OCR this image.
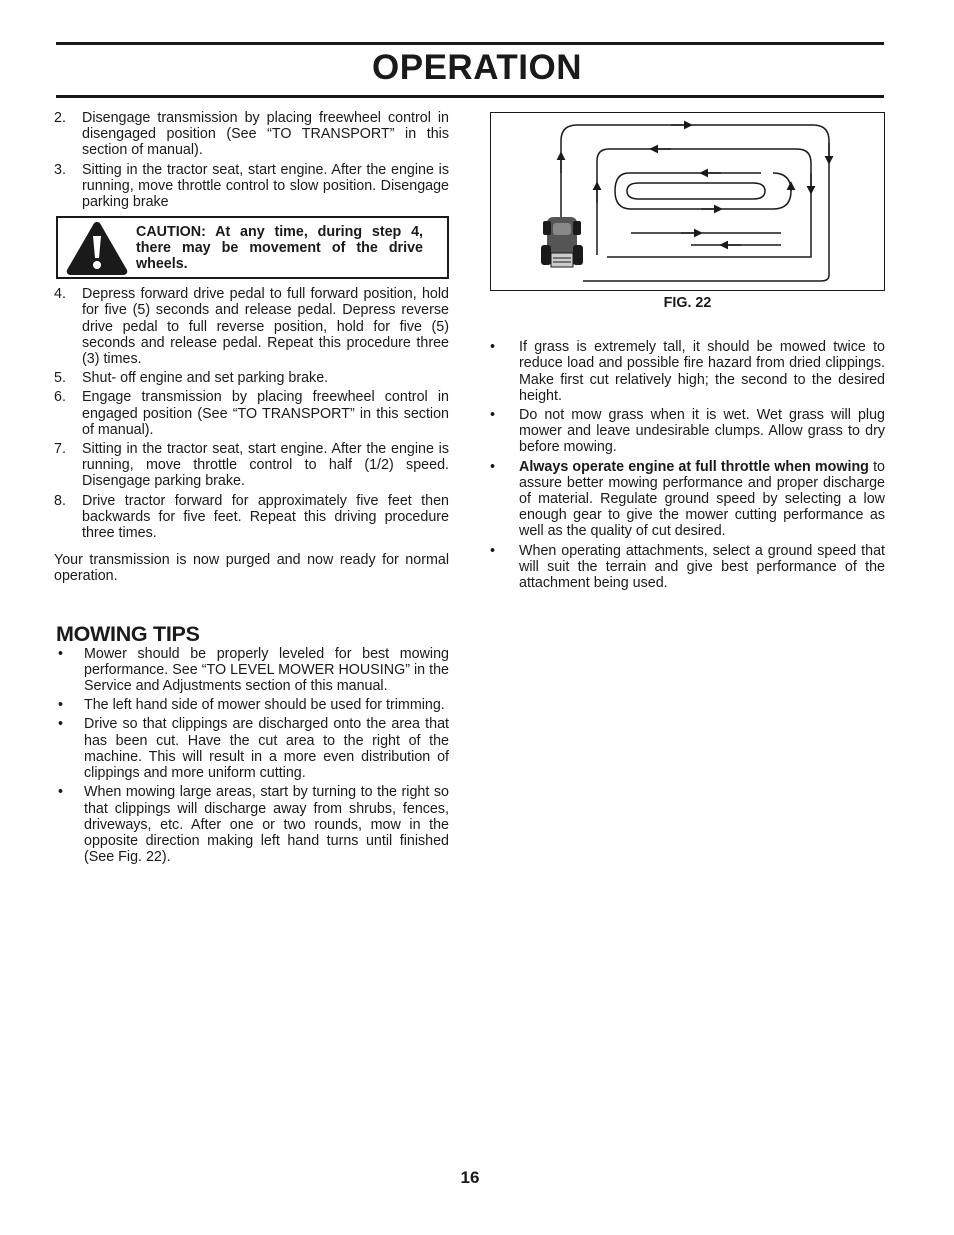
OPERATION
2.	Disengage transmission by placing freewheel control in disengaged position (See “TO TRANSPORT” in this section of manual).
3.	Sitting in the tractor seat, start engine. After the engine is running, move throttle control to slow position. Disengage parking brake
CAUTION: At any time, during step 4, there may be movement of the drive wheels.
4.	Depress forward drive pedal to full forward position, hold for five (5) seconds and release pedal. Depress reverse drive pedal to full reverse position, hold for five (5) seconds and release pedal. Repeat this procedure three (3) times.
5.	Shut- off engine and set parking brake.
6.	Engage transmission by placing freewheel control in engaged position (See “TO TRANSPORT” in this section of manual).
7.	Sitting in the tractor seat, start engine. After the engine is running, move throttle control to half (1/2) speed. Disengage parking brake.
8.	Drive tractor forward for approximately five feet then backwards for five feet. Repeat this driving procedure three times.
Your transmission is now purged and now ready for normal operation.
MOWING TIPS
•	Mower should be properly leveled for best mowing performance. See “TO LEVEL MOWER HOUSING” in the Service and Adjustments section of this manual.
•	The left hand side of mower should be used for trimming.
•	Drive so that clippings are discharged onto the area that has been cut. Have the cut area to the right of the machine. This will result in a more even distribution of clippings and more uniform cutting.
•	When mowing large areas, start by turning to the right so that clippings will discharge away from shrubs, fences, driveways, etc. After one or two rounds, mow in the opposite direction making left hand turns until finished (See Fig. 22).
FIG. 22
•	If grass is extremely tall, it should be mowed twice to reduce load and possible fire hazard from dried clippings. Make first cut relatively high; the second to the desired height.
•	Do not mow grass when it is wet. Wet grass will plug mower and leave undesirable clumps. Allow grass to dry before mowing.
•	Always operate engine at full throttle when mowing to assure better mowing performance and proper discharge of material. Regulate ground speed by selecting a low enough gear to give the mower cutting performance as well as the quality of cut desired.
•	When operating attachments, select a ground speed that will suit the terrain and give best performance of the attachment being used.
16
